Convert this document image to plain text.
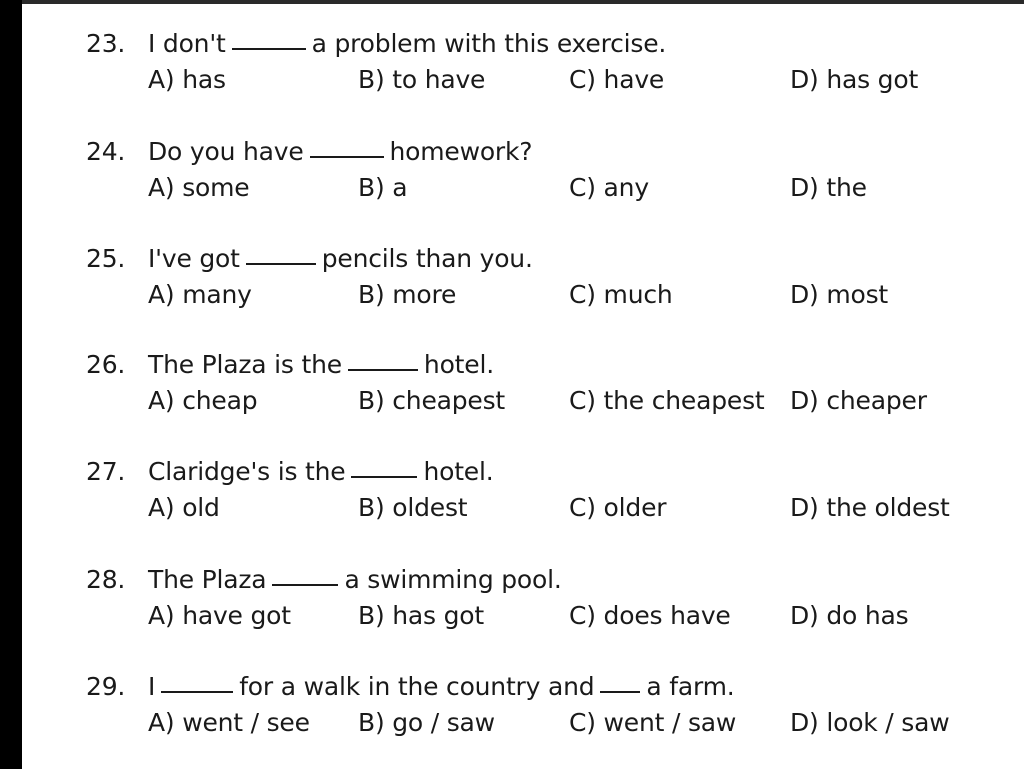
23. I don't	a problem with this exercise.
A) has	B) to have	C) have	D) has got
24. Do you have	homework?
A) some	B) a	C) any	D) the
25. I've got	pencils than you.
A) many	B) more	C) much	D) most
26. The Plaza is the	hotel.
A) cheap	B) cheapest	C) the cheapest D) cheaper
27. Claridge's is the	hotel.
A) old	B) oldest	C) older	D) the oldest
28. The Plaza	a swimming pool.
A) have got	B) has got	C) does have D) do has
29. I	for a walk in the country and a farm.
A) went / see B) go / saw	C) went / saw D) look / saw
